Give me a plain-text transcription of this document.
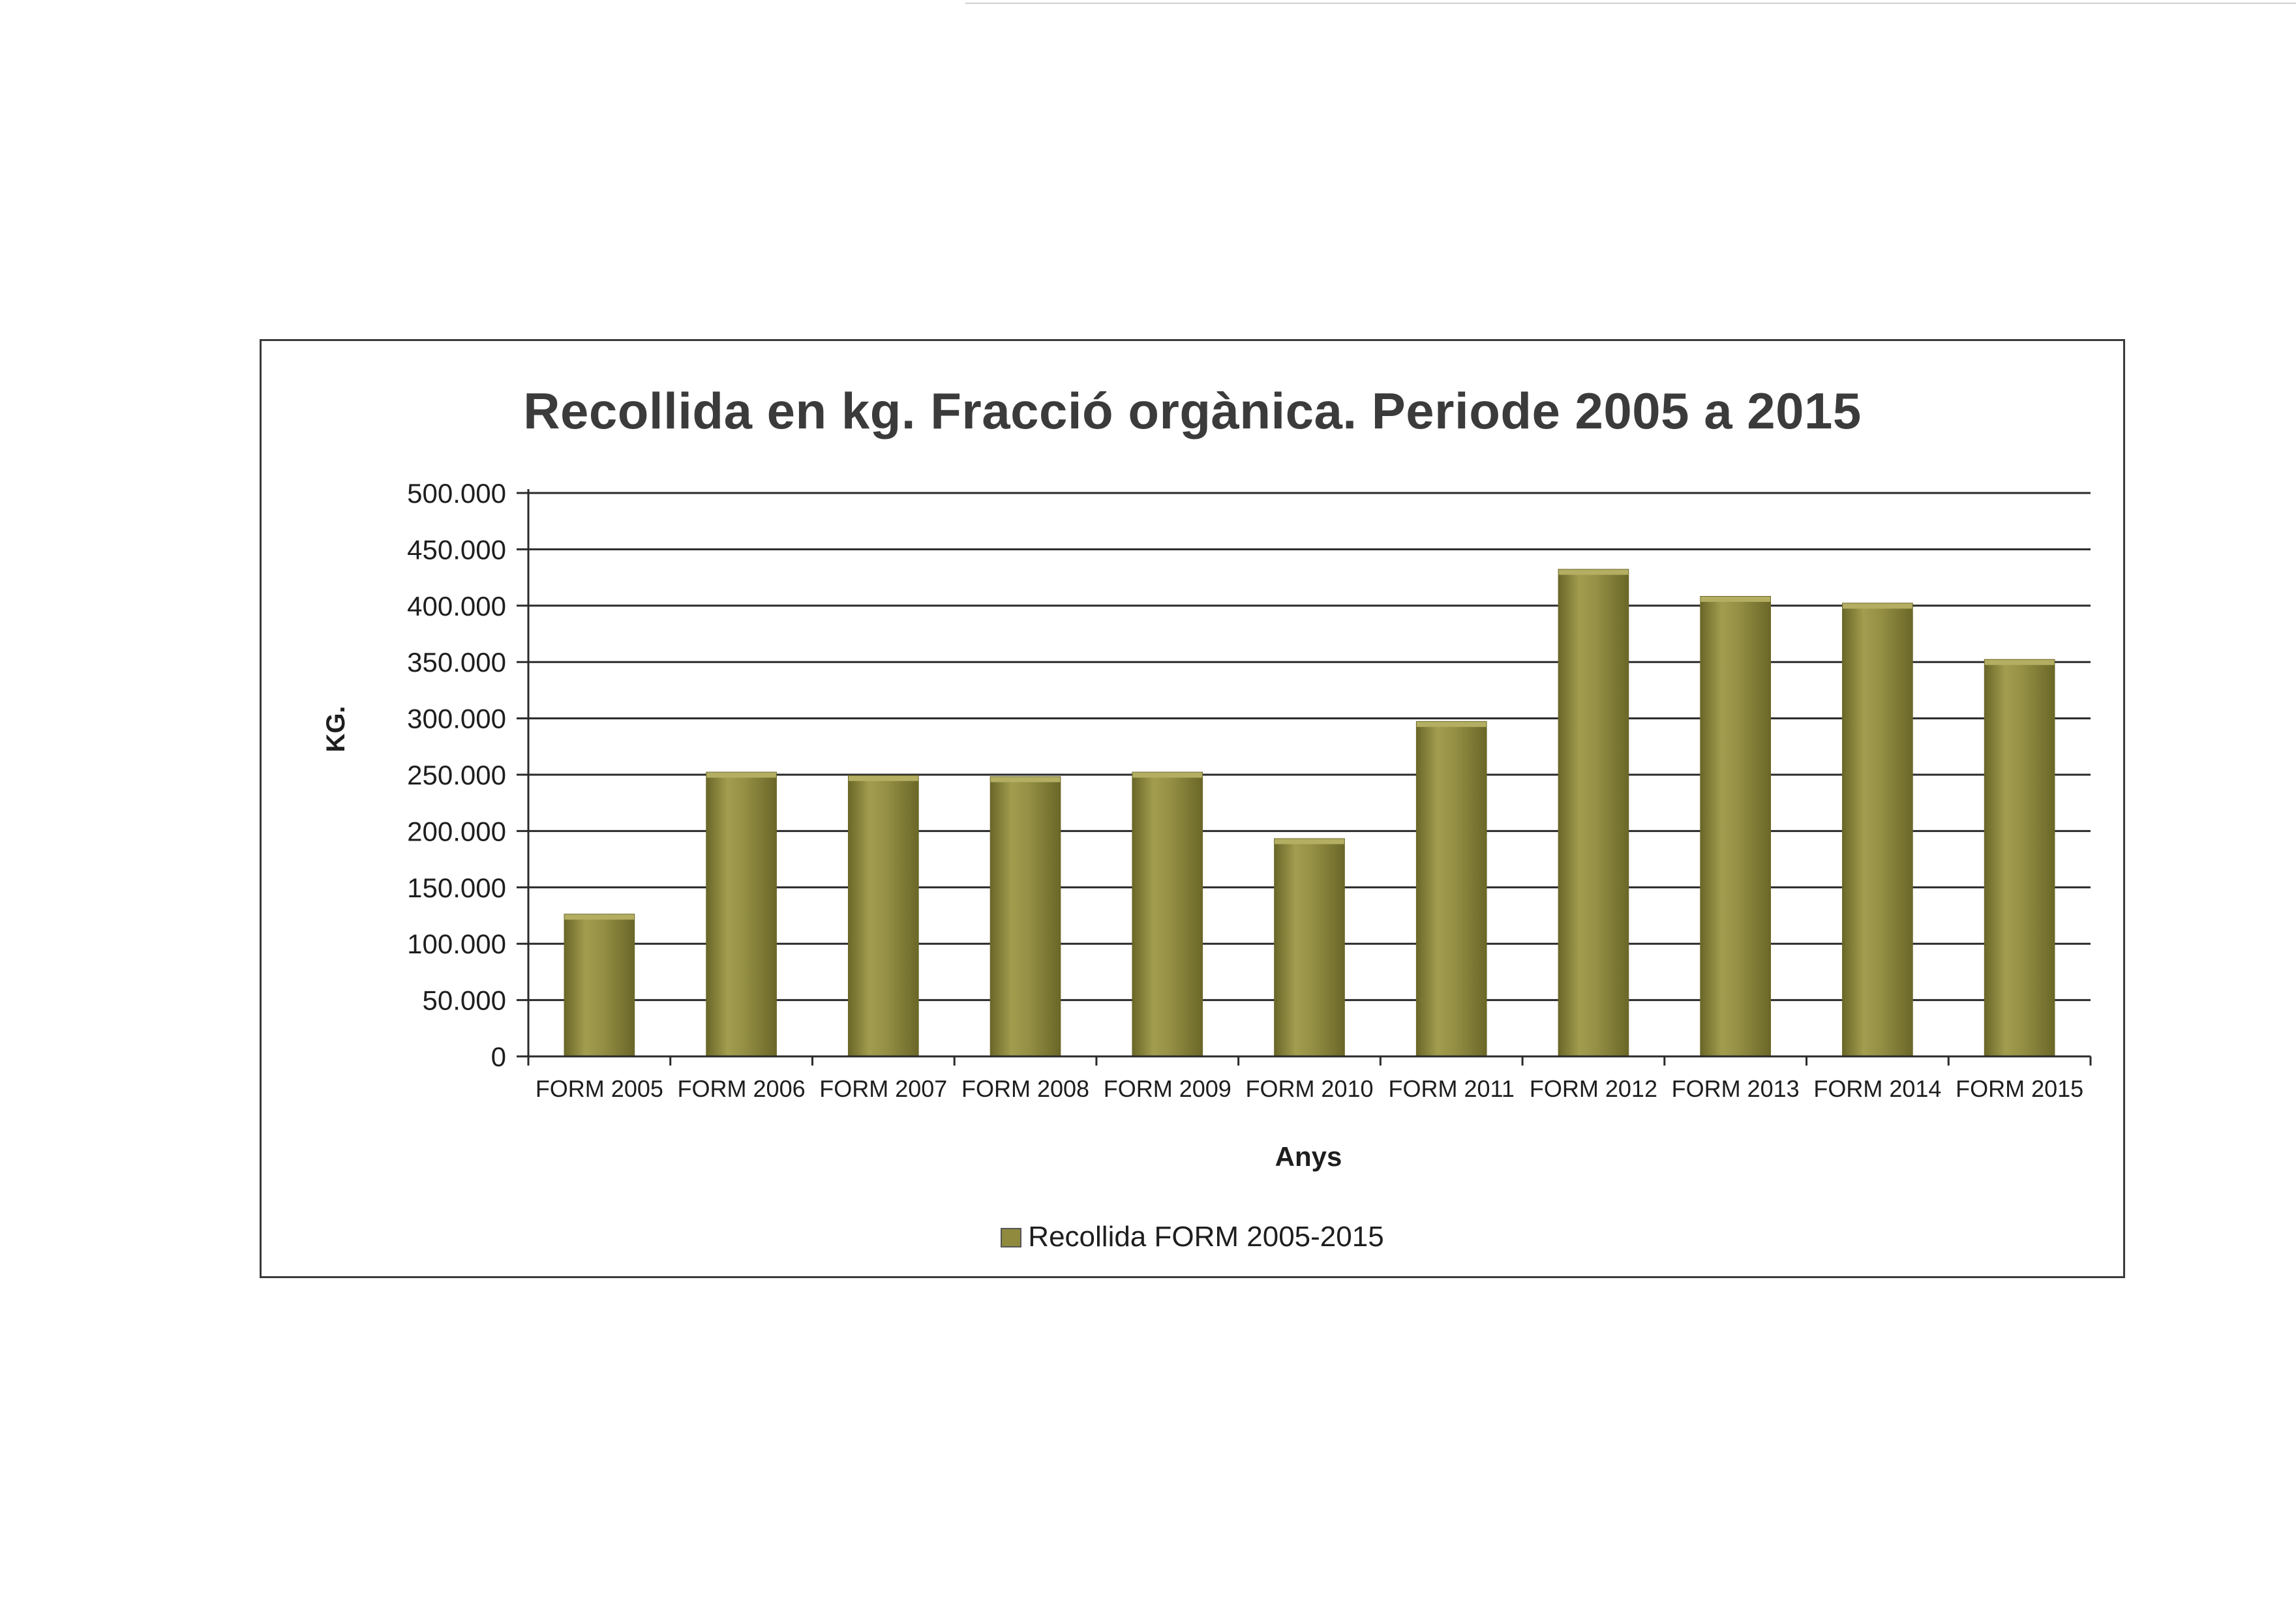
Recollida en kg. Fracció orgànica. Periode 2005 a 2015
0
50.000
100.000
150.000
200.000
250.000
300.000
350.000
400.000
450.000
500.000
FORM 2005 FORM 2006 FORM 2007 FORM 2008 FORM 2009 FORM 2010 FORM 2011 FORM 2012 FORM 2013 FORM 2014 FORM 2015
KG.
Anys
Recollida FORM 2005-2015
